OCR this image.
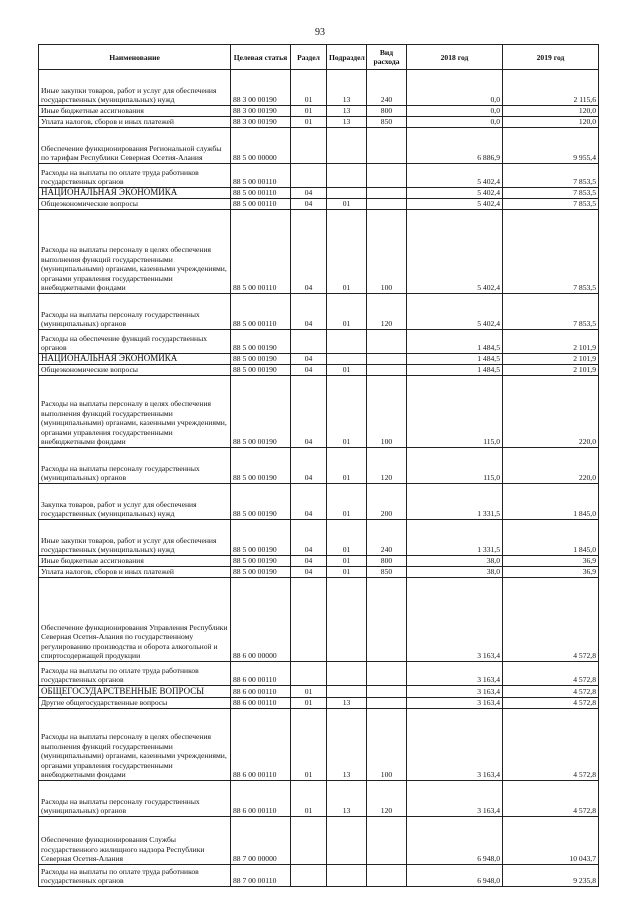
93
Наименование	Целевая статья	Раздел	Подраздел	Вид расхода	2018 год	2019 год
Иные закупки товаров, работ и услуг для обеспечения государственных (муниципальных) нужд	88 3 00 00190	01	13	240	0,0	2 115,6
Иные бюджетные ассигнования	88 3 00 00190	01	13	800	0,0	120,0
Уплата налогов, сборов и иных платежей	88 3 00 00190	01	13	850	0,0	120,0
Обеспечение функционирования Региональной службы по тарифам Республики Северная Осетия-Алания	88 5 00 00000				6 886,9	9 955,4
Расходы на выплаты по оплате труда работников государственных органов	88 5 00 00110				5 402,4	7 853,5
НАЦИОНАЛЬНАЯ ЭКОНОМИКА	88 5 00 00110	04			5 402,4	7 853,5
Общеэкономические вопросы	88 5 00 00110	04	01		5 402,4	7 853,5
Расходы на выплаты персоналу в целях обеспечения выполнения функций государственными (муниципальными) органами, казенными учреждениями, органами управления государственными внебюджетными фондами	88 5 00 00110	04	01	100	5 402,4	7 853,5

Расходы на выплаты персоналу государственных (муниципальных) органов	88 5 00 00110	04	01	120	5 402,4	7 853,5
Расходы на обеспечение функций государственных органов	88 5 00 00190				1 484,5	2 101,9
НАЦИОНАЛЬНАЯ ЭКОНОМИКА	88 5 00 00190	04			1 484,5	2 101,9
Общеэкономические вопросы	88 5 00 00190	04	01		1 484,5	2 101,9
Расходы на выплаты персоналу в целях обеспечения выполнения функций государственными (муниципальными) органами, казенными учреждениями, органами управления государственными внебюджетными фондами	88 5 00 00190	04	01	100	115,0	220,0

Расходы на выплаты персоналу государственных (муниципальных) органов	88 5 00 00190	04	01	120	115,0	220,0
Закупка товаров, работ и услуг для обеспечения государственных (муниципальных) нужд	88 5 00 00190	04	01	200	1 331,5	1 845,0
Иные закупки товаров, работ и услуг для обеспечения государственных (муниципальных) нужд	88 5 00 00190	04	01	240	1 331,5	1 845,0
Иные бюджетные ассигнования	88 5 00 00190	04	01	800	38,0	36,9
Уплата налогов, сборов и иных платежей	88 5 00 00190	04	01	850	38,0	36,9

Обеспечение функционирования Управления Республики Северная Осетия-Алания по государственному регулированию производства и оборота алкогольной и спиртосодержащей продукции	88 6 00 00000				3 163,4	4 572,8
Расходы на выплаты по оплате труда работников государственных органов	88 6 00 00110				3 163,4	4 572,8
ОБЩЕГОСУДАРСТВЕННЫЕ ВОПРОСЫ	88 6 00 00110	01			3 163,4	4 572,8
Другие общегосударственные вопросы	88 6 00 00110	01	13		3 163,4	4 572,8
Расходы на выплаты персоналу в целях обеспечения выполнения функций государственными (муниципальными) органами, казенными учреждениями, органами управления государственными внебюджетными фондами	88 6 00 00110	01	13	100	3 163,4	4 572,8

Расходы на выплаты персоналу государственных (муниципальных) органов	88 6 00 00110	01	13	120	3 163,4	4 572,8

Обеспечение функционирования Службы государственного жилищного надзора Республики Северная Осетия-Алания	88 7 00 00000				6 948,0	10 043,7
Расходы на выплаты по оплате труда работников государственных органов	88 7 00 00110				6 948,0	9 235,8
